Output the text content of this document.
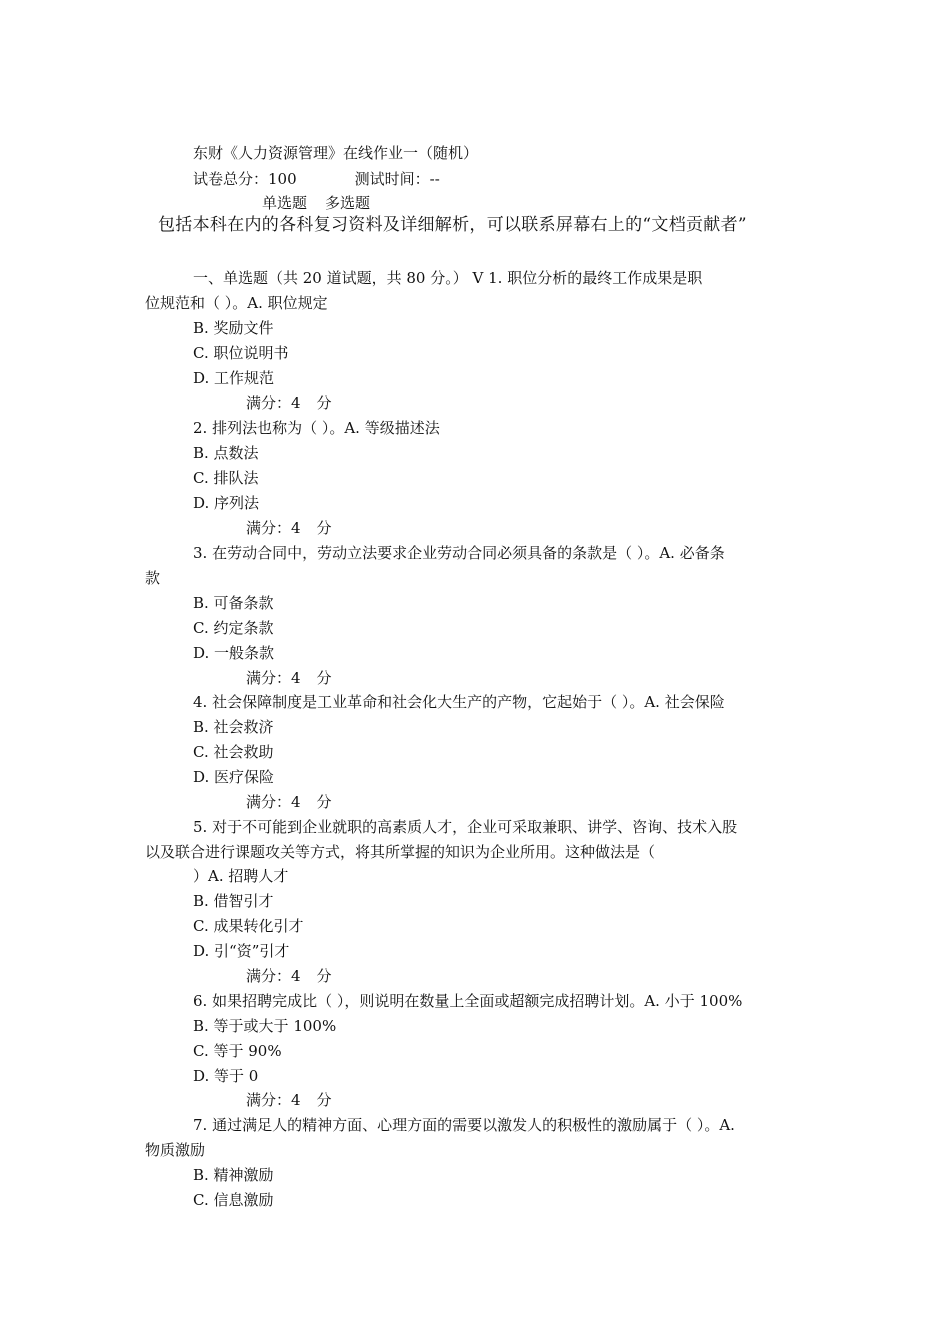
东财《人力资源管理》在线作业一（随机）
试卷总分：100	测试时间：--
单选题 多选题
包括本科在内的各科复习资料及详细解析，可以联系屏幕右上的“文档贡献者”
一、单选题（共 20 道试题，共 80 分。） V 1. 职位分析的最终工作成果是职
位规范和（ ）。A. 职位规定
B. 奖励文件
C. 职位说明书
D. 工作规范
满分：4 分
2. 排列法也称为（ ）。A. 等级描述法
B. 点数法
C. 排队法
D. 序列法
满分：4 分
3. 在劳动合同中，劳动立法要求企业劳动合同必须具备的条款是（ ）。A. 必备条
款
B. 可备条款
C. 约定条款
D. 一般条款
满分：4 分
4. 社会保障制度是工业革命和社会化大生产的产物，它起始于（ ）。A. 社会保险
B. 社会救济
C. 社会救助
D. 医疗保险
满分：4 分
5. 对于不可能到企业就职的高素质人才，企业可采取兼职、讲学、咨询、技术入股
以及联合进行课题攻关等方式，将其所掌握的知识为企业所用。这种做法是（
）A. 招聘人才
B. 借智引才
C. 成果转化引才
D. 引“资”引才
满分：4 分
6. 如果招聘完成比（ ），则说明在数量上全面或超额完成招聘计划。A. 小于 100%
B. 等于或大于 100%
C. 等于 90%
D. 等于 0
满分：4 分
7. 通过满足人的精神方面、心理方面的需要以激发人的积极性的激励属于（ ）。A.
物质激励
B. 精神激励
C. 信息激励
